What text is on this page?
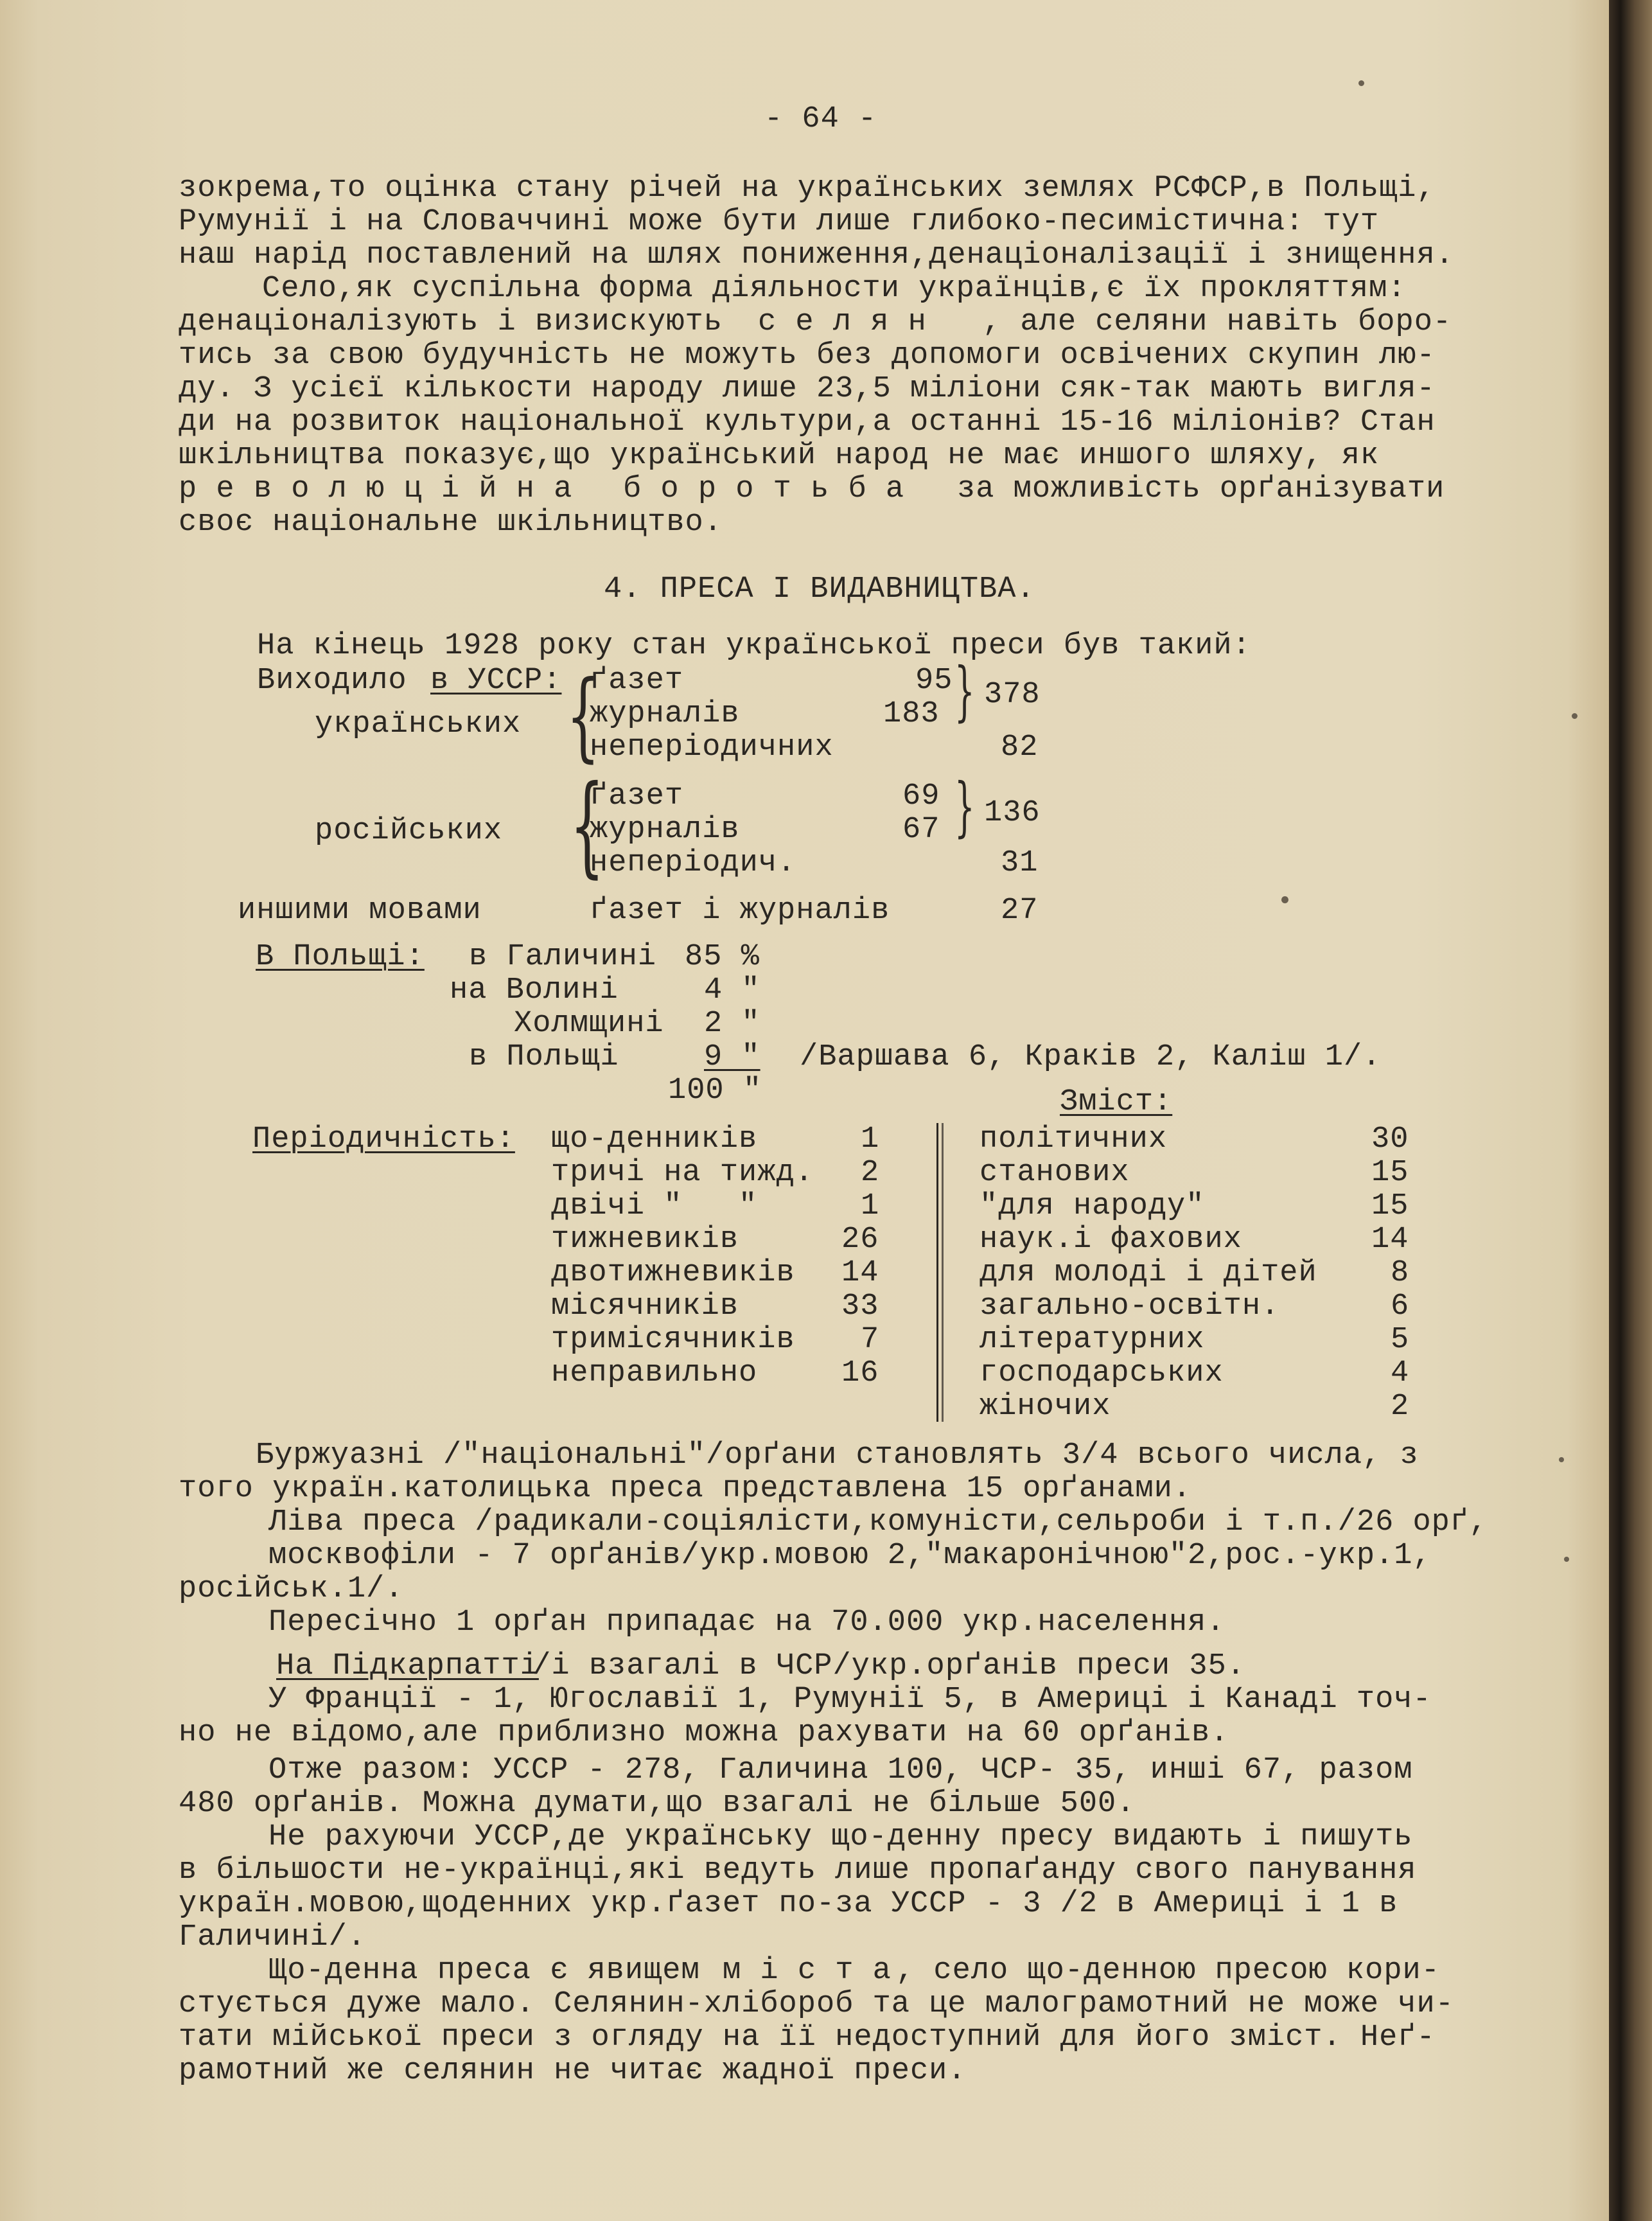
- 64 -
зокрема,то оцінка стану річей на українських землях РСФСР,в Польщі,
Румунії і на Словаччині може бути лише глибоко-песимістична: тут
наш нарід поставлений на шлях пониження,денаціоналізації і знищення.
Село,як суспільна форма діяльности українців,є їх прокляттям:
денаціоналізують і визискують с е л я н , але селяни навіть боро-
тись за свою будучність не можуть без допомоги освічених скупин лю-
ду. З усієї кількости народу лише 23,5 міліони сяк-так мають вигля-
ди на розвиток національної культури,а останні 15-16 міліонів? Стан
шкільництва показує,що український народ не має иншого шляху, як
р е в о л ю ц і й н а б о р о т ь б а за можливість орґанізувати
своє національне шкільництво.
4. ПРЕСА І ВИДАВНИЦТВА.
На кінець 1928 року стан української преси був такий:
Виходило в УССР:
українських {
ґазет	95
журналів	183 } 378
неперіодичних	82
російських {
ґазет	69
журналів	67 } 136
неперіодич.	31
иншими мовами	ґазет і журналів	27
В Польщі: в Галичині 85 %
на Волині	4 "
Холмщині 2 "
в Польщі	9 " /Варшава 6, Краків 2, Каліш 1/.
100 "
Періодичність:
Зміст:
що-денників	1
тричі на тижд. 2
двічі "   "	1
тижневиків	26
двотижневиків 14
місячників	33
тримісячників 7
неправильно	16
політичних	30
станових	15
"для народу"	15
наук.і фахових	14
для молоді і дітей 8
загально-освітн.	6
літературних	5
господарських	4
жіночих	2
Буржуазні /"національні"/орґани становлять 3/4 всього числа, з
того україн.католицька преса представлена 15 орґанами.
Ліва преса /радикали-соціялісти,комуністи,сельроби і т.п./26 орґ,
москвофіли - 7 орґанів/укр.мовою 2,"макаронічною"2,рос.-укр.1,
російськ.1/.
Пересічно 1 орґан припадає на 70.000 укр.населення.
На Підкарпатті
/і взагалі в ЧСР/укр.орґанів преси 35.
У Франції - 1, Югославії 1, Румунії 5, в Америці і Канаді точ-
но не відомо,але приблизно можна рахувати на 60 орґанів.
Отже разом: УССР - 278, Галичина 100, ЧСР- 35, инші 67, разом
480 орґанів. Можна думати,що взагалі не більше 500.
Не рахуючи УССР,де українську що-денну пресу видають і пишуть
в більшости не-українці,які ведуть лише пропаґанду свого панування
україн.мовою,щоденних укр.ґазет по-за УССР - 3 /2 в Америці і 1 в
Галичині/.
Що-денна преса є явищем м і с т а , село що-денною пресою кори-
стується дуже мало. Селянин-хлібороб та це малограмотний не може чи-
тати мійської преси з огляду на її недоступний для його зміст. Неґ-
рамотний же селянин не читає жадної преси.
